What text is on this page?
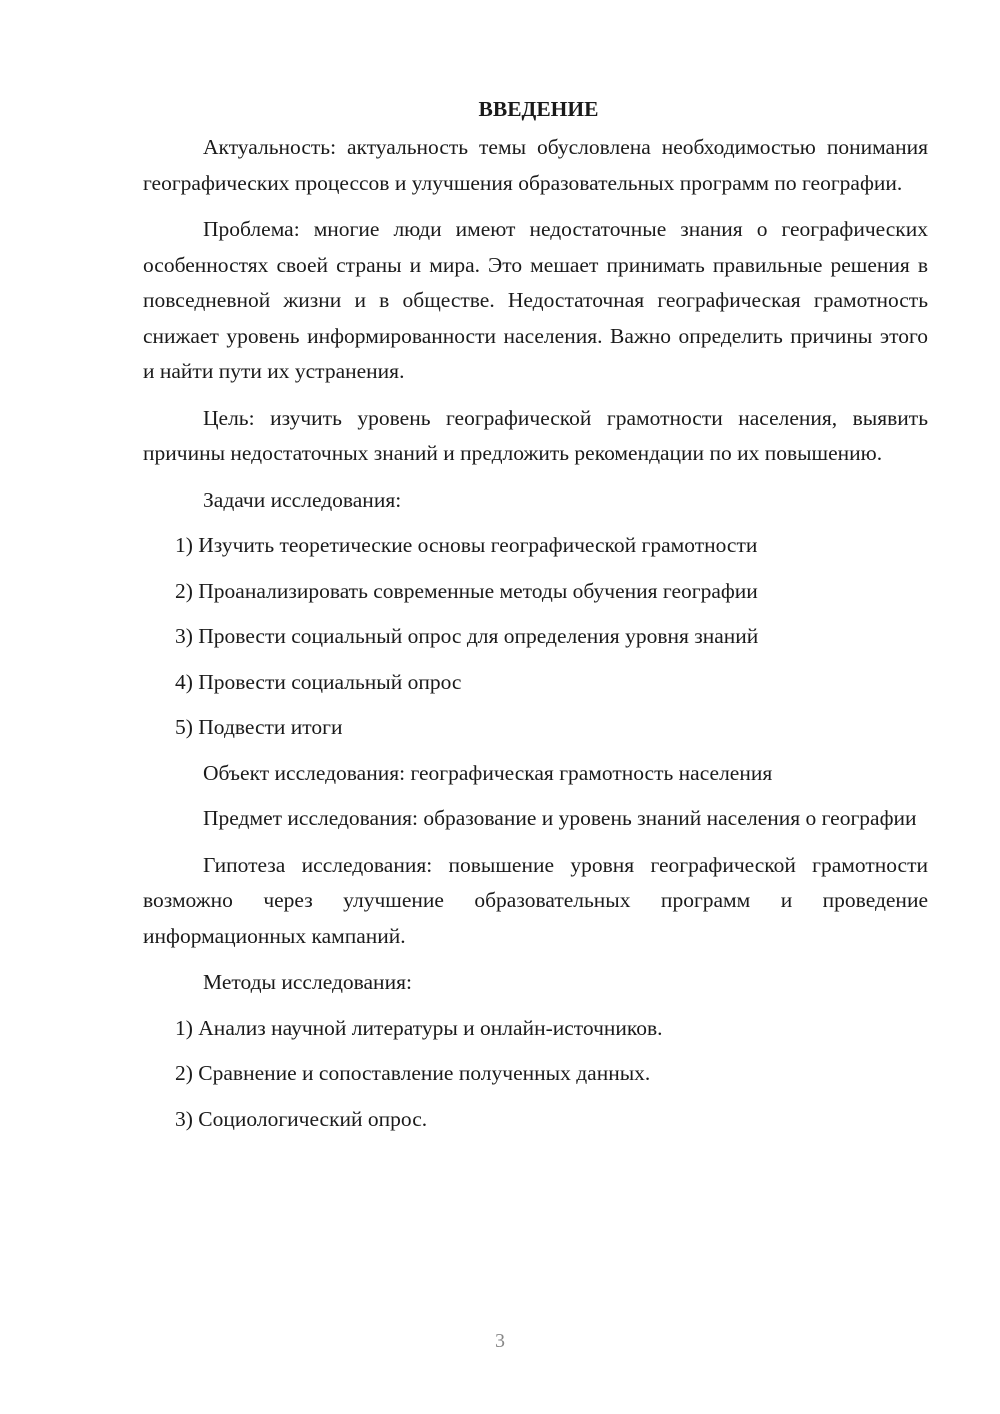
ВВЕДЕНИЕ

Актуальность: актуальность темы обусловлена необходимостью понимания географических процессов и улучшения образовательных программ по географии.

Проблема: многие люди имеют недостаточные знания о географических особенностях своей страны и мира. Это мешает принимать правильные решения в повседневной жизни и в обществе. Недостаточная географическая грамотность снижает уровень информированности населения. Важно определить причины этого и найти пути их устранения.

Цель: изучить уровень географической грамотности населения, выявить причины недостаточных знаний и предложить рекомендации по их повышению.

Задачи исследования:

1) Изучить теоретические основы географической грамотности

2) Проанализировать современные методы обучения географии

3) Провести социальный опрос для определения уровня знаний

4) Провести социальный опрос

5) Подвести итоги

Объект исследования: географическая грамотность населения

Предмет исследования: образование и уровень знаний населения о географии

Гипотеза исследования: повышение уровня географической грамотности возможно через улучшение образовательных программ и проведение информационных кампаний.

Методы исследования:

1) Анализ научной литературы и онлайн-источников.

2) Сравнение и сопоставление полученных данных.

3) Социологический опрос.

3
